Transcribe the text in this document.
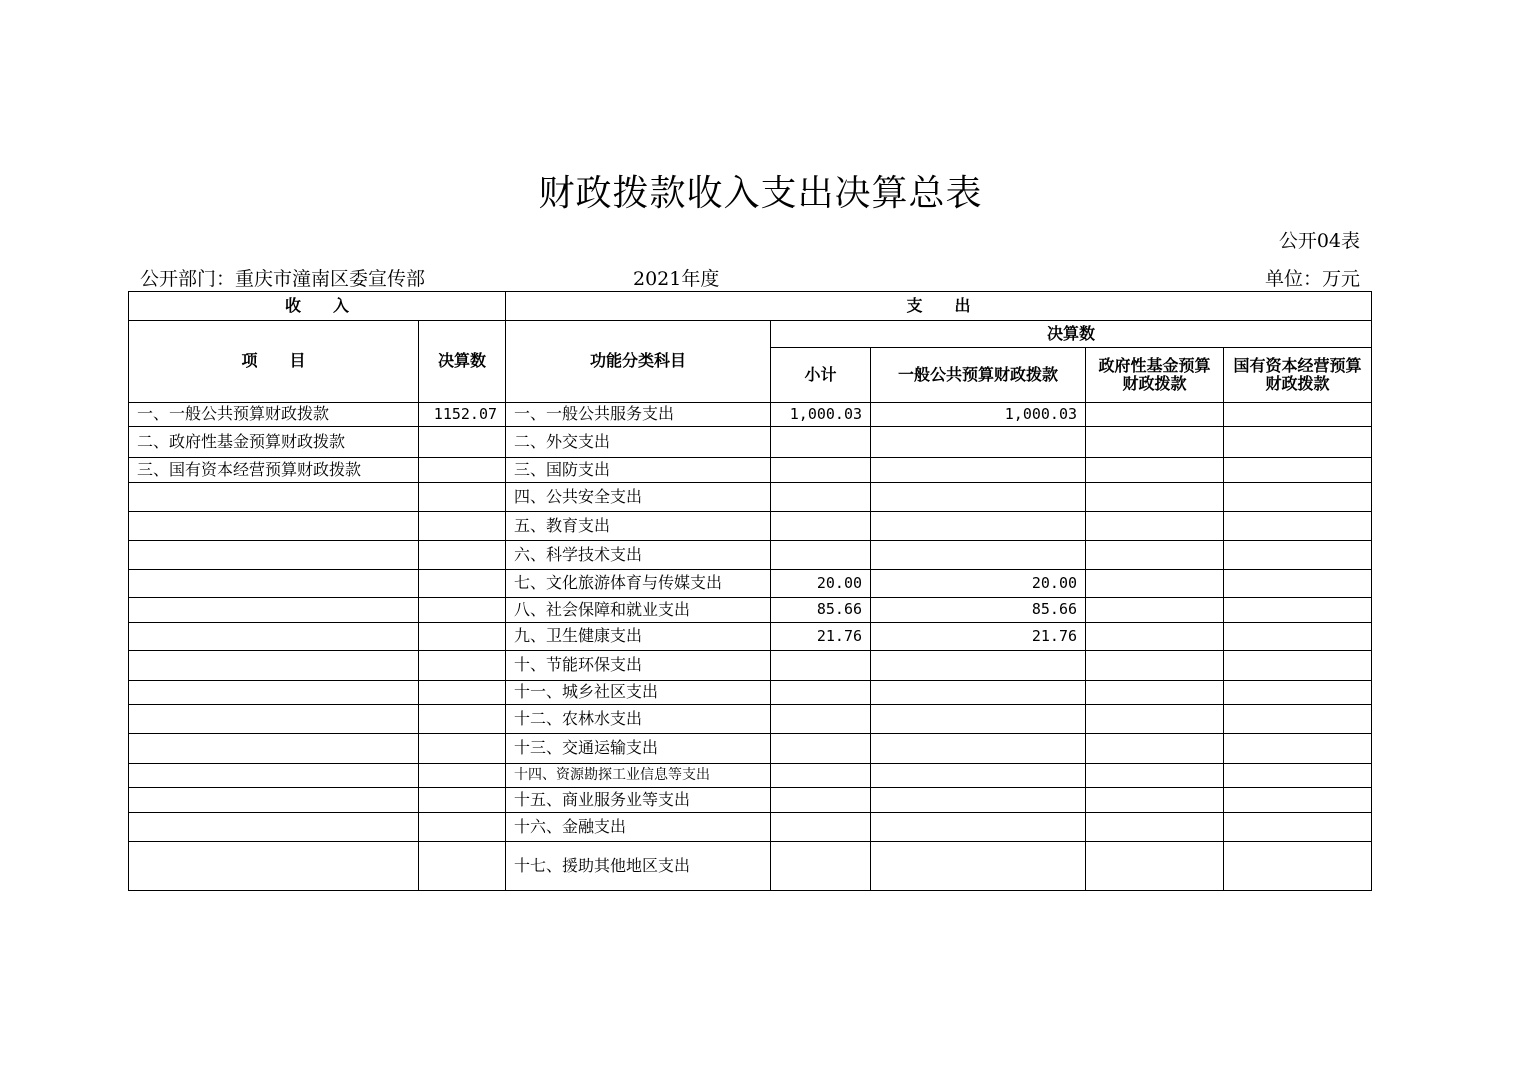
财政拨款收入支出决算总表
公开04表
公开部门：重庆市潼南区委宣传部	2021年度	单位：万元
收　　入		支　　出				
项　　目	决算数	功能分类科目	决算数			
			小计	一般公共预算财政拨款	政府性基金预算财政拨款	国有资本经营预算财政拨款
一、一般公共预算财政拨款	1152.07	一、一般公共服务支出	1,000.03	1,000.03		
二、政府性基金预算财政拨款		二、外交支出				
三、国有资本经营预算财政拨款		三、国防支出				
		四、公共安全支出				
		五、教育支出				
		六、科学技术支出				
		七、文化旅游体育与传媒支出	20.00	20.00		
		八、社会保障和就业支出	85.66	85.66		
		九、卫生健康支出	21.76	21.76		
		十、节能环保支出				
		十一、城乡社区支出				
		十二、农林水支出				
		十三、交通运输支出				
		十四、资源勘探工业信息等支出				
		十五、商业服务业等支出				
		十六、金融支出				
		十七、援助其他地区支出				
